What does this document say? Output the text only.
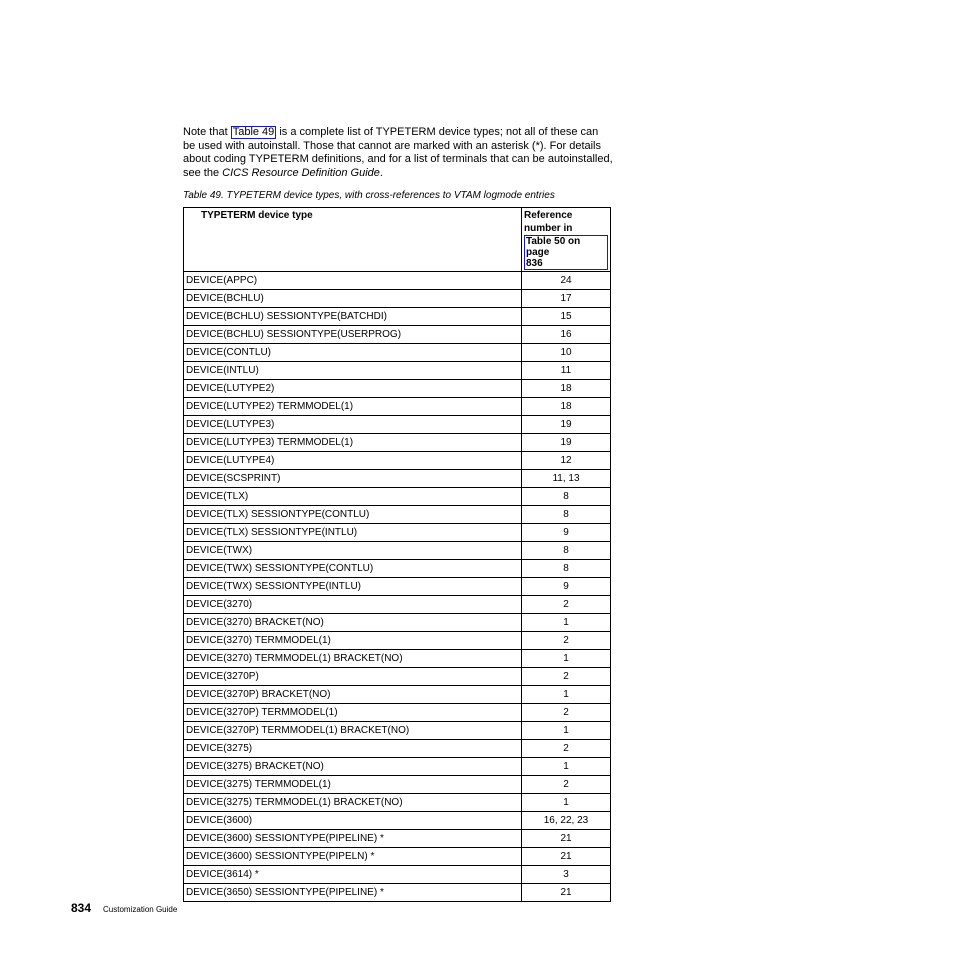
Note that Table 49 is a complete list of TYPETERM device types; not all of these can be used with autoinstall. Those that cannot are marked with an asterisk (*). For details about coding TYPETERM definitions, and for a list of terminals that can be autoinstalled, see the CICS Resource Definition Guide.

Table 49. TYPETERM device types, with cross-references to VTAM logmode entries

TYPETERM device type	Reference
number in
Table 50 on page
836
DEVICE(APPC)	24
DEVICE(BCHLU)	17
DEVICE(BCHLU) SESSIONTYPE(BATCHDI)	15
DEVICE(BCHLU) SESSIONTYPE(USERPROG)	16
DEVICE(CONTLU)	10
DEVICE(INTLU)	11
DEVICE(LUTYPE2)	18
DEVICE(LUTYPE2) TERMMODEL(1)	18
DEVICE(LUTYPE3)	19
DEVICE(LUTYPE3) TERMMODEL(1)	19
DEVICE(LUTYPE4)	12
DEVICE(SCSPRINT)	11, 13
DEVICE(TLX)	8
DEVICE(TLX) SESSIONTYPE(CONTLU)	8
DEVICE(TLX) SESSIONTYPE(INTLU)	9
DEVICE(TWX)	8
DEVICE(TWX) SESSIONTYPE(CONTLU)	8
DEVICE(TWX) SESSIONTYPE(INTLU)	9
DEVICE(3270)	2
DEVICE(3270) BRACKET(NO)	1
DEVICE(3270) TERMMODEL(1)	2
DEVICE(3270) TERMMODEL(1) BRACKET(NO)	1
DEVICE(3270P)	2
DEVICE(3270P) BRACKET(NO)	1
DEVICE(3270P) TERMMODEL(1)	2
DEVICE(3270P) TERMMODEL(1) BRACKET(NO)	1
DEVICE(3275)	2
DEVICE(3275) BRACKET(NO)	1
DEVICE(3275) TERMMODEL(1)	2
DEVICE(3275) TERMMODEL(1) BRACKET(NO)	1
DEVICE(3600)	16, 22, 23
DEVICE(3600) SESSIONTYPE(PIPELINE) *	21
DEVICE(3600) SESSIONTYPE(PIPELN) *	21
DEVICE(3614) *	3
DEVICE(3650) SESSIONTYPE(PIPELINE) *	21
834 Customization Guide
